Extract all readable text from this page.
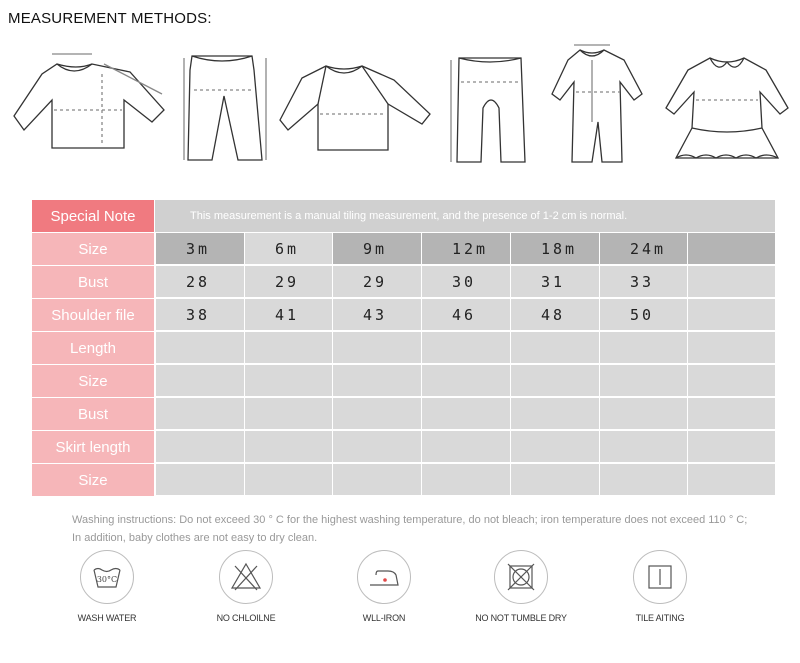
MEASUREMENT METHODS:
Special Note	This measurement is a manual tiling measurement, and the presence of 1-2 cm is normal.
Size	3m	6m	9m	12m	18m	24m
Bust	28	29	29	30	31	33
Shoulder file	38	41	43	46	48	50
Length
Size
Bust
Skirt length
Size
Washing instructions: Do not exceed 30 ° C for the highest washing temperature, do not bleach; iron temperature does not exceed 110 ° C; In addition, baby clothes are not easy to dry clean.
30°C
WASH WATER	NO CHLOILNE	WLL-IRON	NO NOT TUMBLE DRY	TILE AITING
